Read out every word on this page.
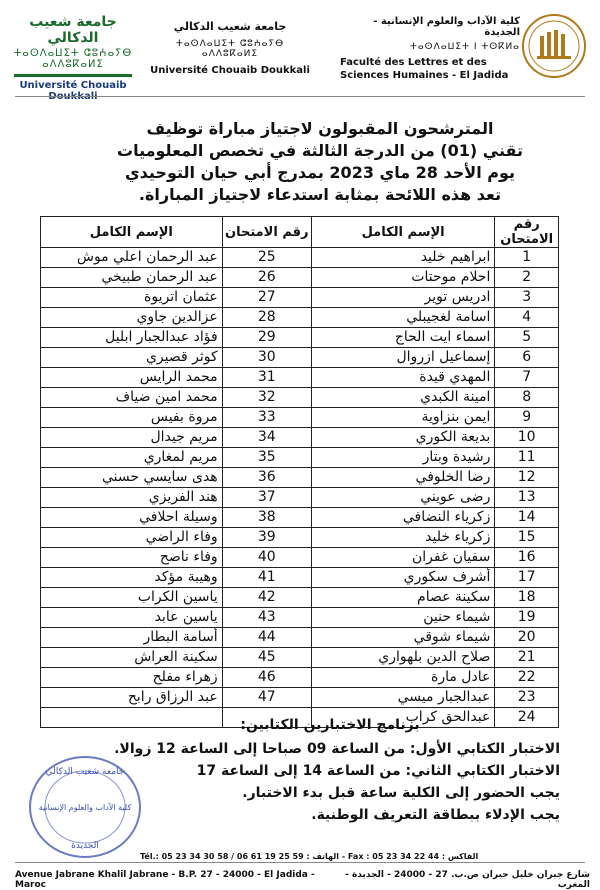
جامعة شعيب الدكالي
ⵜⴰⵙⴷⴰⵡⵉⵜ ⵛⵓⵄⴰⵢⴱ ⴰⴷⴷⵓⴽⴰⵍⵉ
Université Chouaib
جامعة شعيب الدكالي
ⵜⴰⵙⴷⴰⵡⵉⵜ ⵛⵓⵄⴰⵢⴱ ⴰⴷⴷⵓⴽⴰⵍⵉ
Université Chouaib Doukkali
كلية الآداب والعلوم الإنسانية - الجديدة
ⵜⴰⵙⴷⴰⵡⵉⵜ ⵏ ⵜⵙⴽⵍⴰ
Faculté des Lettres et des
Sciences Humaines - El Jadida
المترشحون المقبولون لاجتياز مباراة توظيف
تقني (01) من الدرجة الثالثة في تخصص المعلوميات
يوم الأحد 28 ماي 2023 بمدرج أبي حيان التوحيدي
تعد هذه اللائحة بمثابة استدعاء لاجتياز المباراة.
رقم الامتحان	الإسم الكامل	رقم الامتحان	الإسم الكامل
1	ابراهيم خليد	25	عبد الرحمان اعلي موش
2	احلام موحتات	26	عبد الرحمان طبيخي
3	ادريس توير	27	عثمان اتريوة
4	اسامة لغجيبلي	28	عزالدين جاوي
5	اسماء ايت الحاج	29	فؤاد عبدالجبار ابليل
6	إسماعيل ازروال	30	كوثر قصيري
7	المهدي قيدة	31	محمد الرايس
8	امينة الكبدي	32	محمد امين ضياف
9	ايمن بنزاوية	33	مروة بفيس
10	بديعة الكوري	34	مريم جيدال
11	رشيدة وبتار	35	مريم لمغاري
12	رضا الخلوفي	36	هدى سايسي حسني
13	رضى عويني	37	هند الفريزي
14	زكرياء النضافي	38	وسيلة احلافي
15	زكرياء خليد	39	وفاء الراضي
16	سفيان غفران	40	وفاء ناصح
17	أشرف سكوري	41	وهيبة مؤكد
18	سكينة عصام	42	ياسين الكراب
19	شيماء حنين	43	ياسين عابد
20	شيماء شوقي	44	أسامة البطار
21	صلاح الدين بلهواري	45	سكينة العراش
22	عادل مارة	46	زهراء مفلح
23	عبدالجبار ميسي	47	عبد الرزاق رابح
24	عبدالحق كراب		
برنامج الاختبارين الكتابين:
الاختبار الكتابي الأول: من الساعة 09 صباحا إلى الساعة 12 زوالا.
الاختبار الكتابي الثاني: من الساعة 14 إلى الساعة 17
يجب الحضور إلى الكلية ساعة قبل بدء الاختبار.
يجب الإدلاء ببطاقة التعريف الوطنية.
جامعة شعيب الدكالي
كلية الآداب والعلوم الإنسانية
الجديدة
Tél.: 05 23 34 30 58 / 06 61 19 25 59 : الهاتف - Fax : 05 23 34 22 44 : الفاكس
Avenue Jabrane Khalil Jabrane - B.P. 27 - 24000 - El Jadida - Maroc
شارع جبران خليل جبران ص.ب. 27 - 24000 - الجديدة - المغرب
